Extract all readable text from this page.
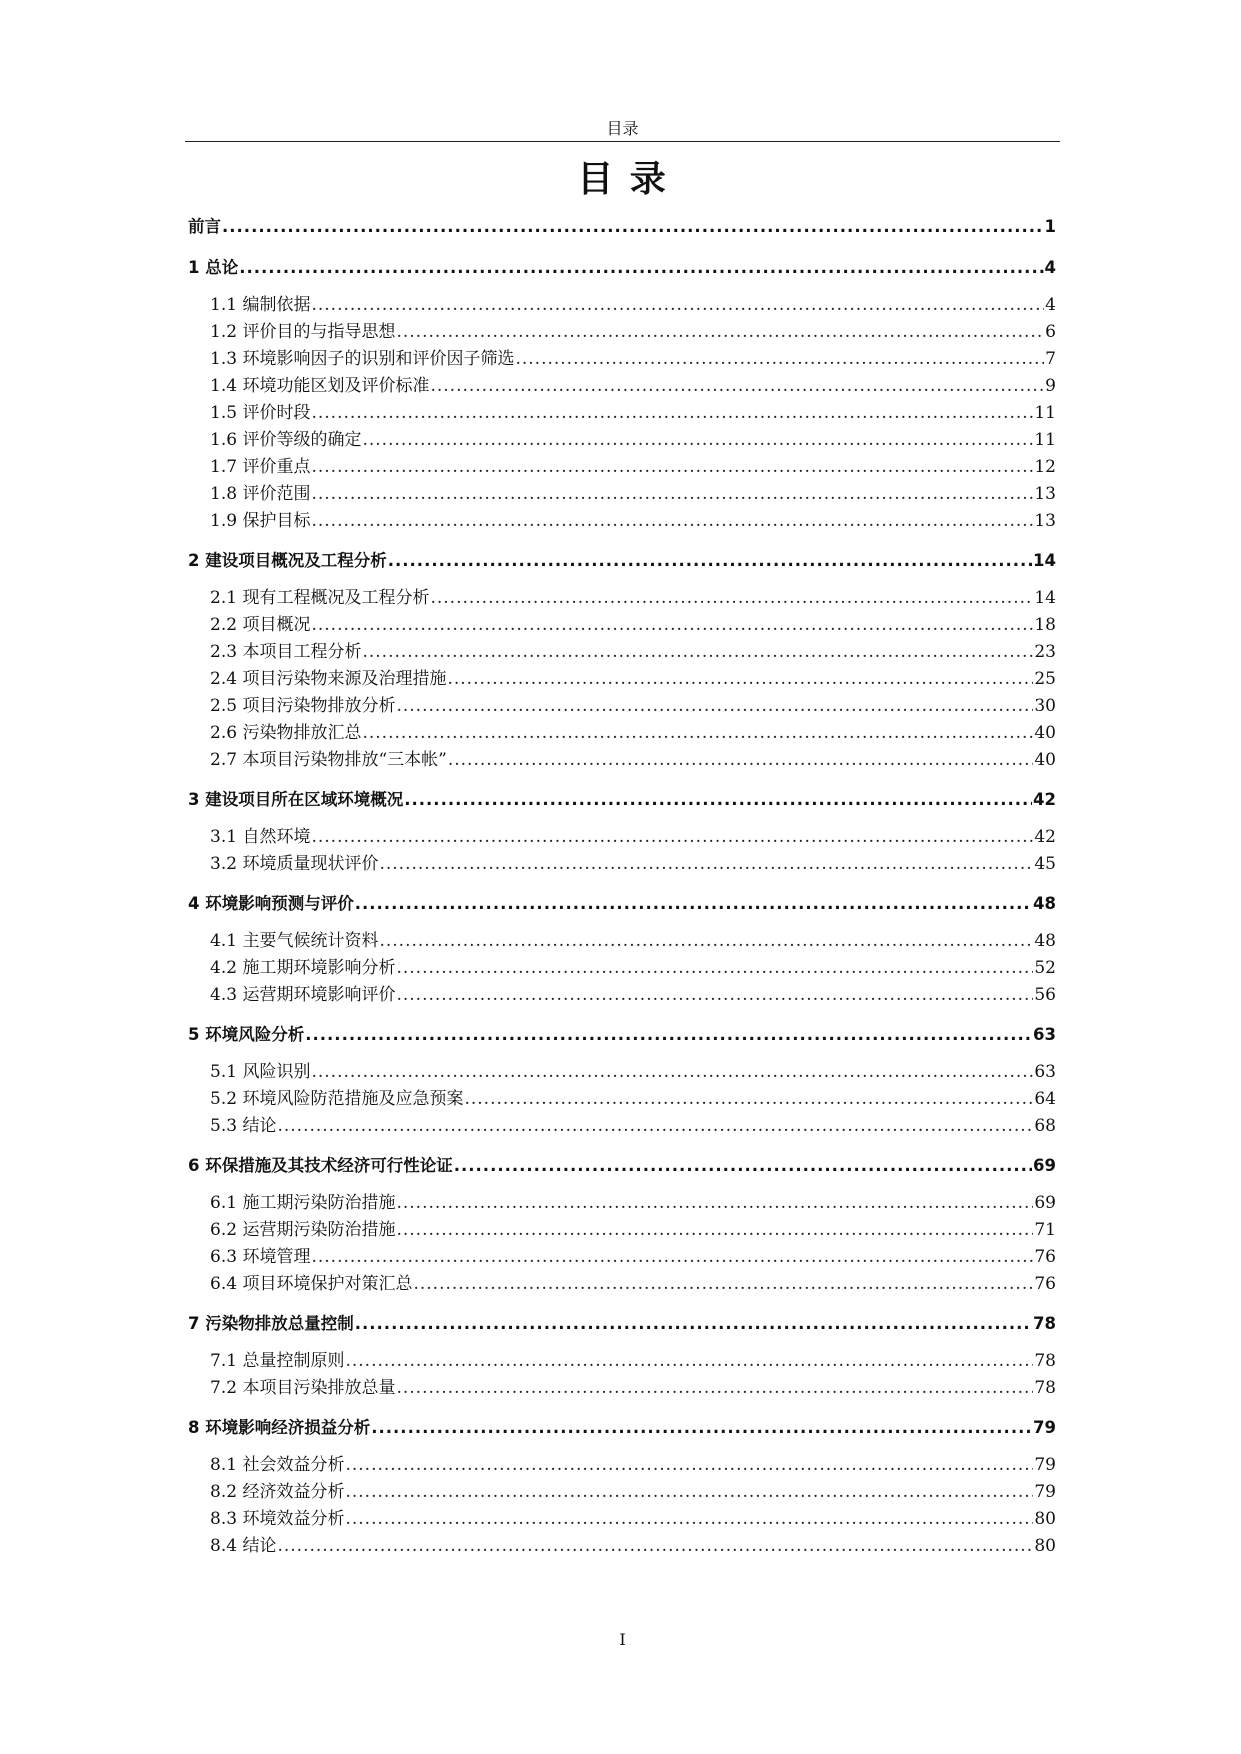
目录
目 录
前言 .....	1
1 总论 .....	4
1.1 编制依据 .....	4
1.2 评价目的与指导思想 .....	6
1.3 环境影响因子的识别和评价因子筛选 .....	7
1.4 环境功能区划及评价标准 .....	9
1.5 评价时段 .....	11
1.6 评价等级的确定 .....	11
1.7 评价重点 .....	12
1.8 评价范围 .....	13
1.9 保护目标 .....	13
2 建设项目概况及工程分析 .....	14
2.1 现有工程概况及工程分析 .....	14
2.2 项目概况 .....	18
2.3 本项目工程分析 .....	23
2.4 项目污染物来源及治理措施 .....	25
2.5 项目污染物排放分析 .....	30
2.6 污染物排放汇总 .....	40
2.7 本项目污染物排放“三本帐” .....	40
3 建设项目所在区域环境概况 .....	42
3.1 自然环境 .....	42
3.2 环境质量现状评价 .....	45
4 环境影响预测与评价 .....	48
4.1 主要气候统计资料 .....	48
4.2 施工期环境影响分析 .....	52
4.3 运营期环境影响评价 .....	56
5 环境风险分析 .....	63
5.1 风险识别 .....	63
5.2 环境风险防范措施及应急预案 .....	64
5.3 结论 .....	68
6 环保措施及其技术经济可行性论证 .....	69
6.1 施工期污染防治措施 .....	69
6.2 运营期污染防治措施 .....	71
6.3 环境管理 .....	76
6.4 项目环境保护对策汇总 .....	76
7 污染物排放总量控制 .....	78
7.1 总量控制原则 .....	78
7.2 本项目污染排放总量 .....	78
8 环境影响经济损益分析 .....	79
8.1 社会效益分析 .....	79
8.2 经济效益分析 .....	79
8.3 环境效益分析 .....	80
8.4 结论 .....	80
I
